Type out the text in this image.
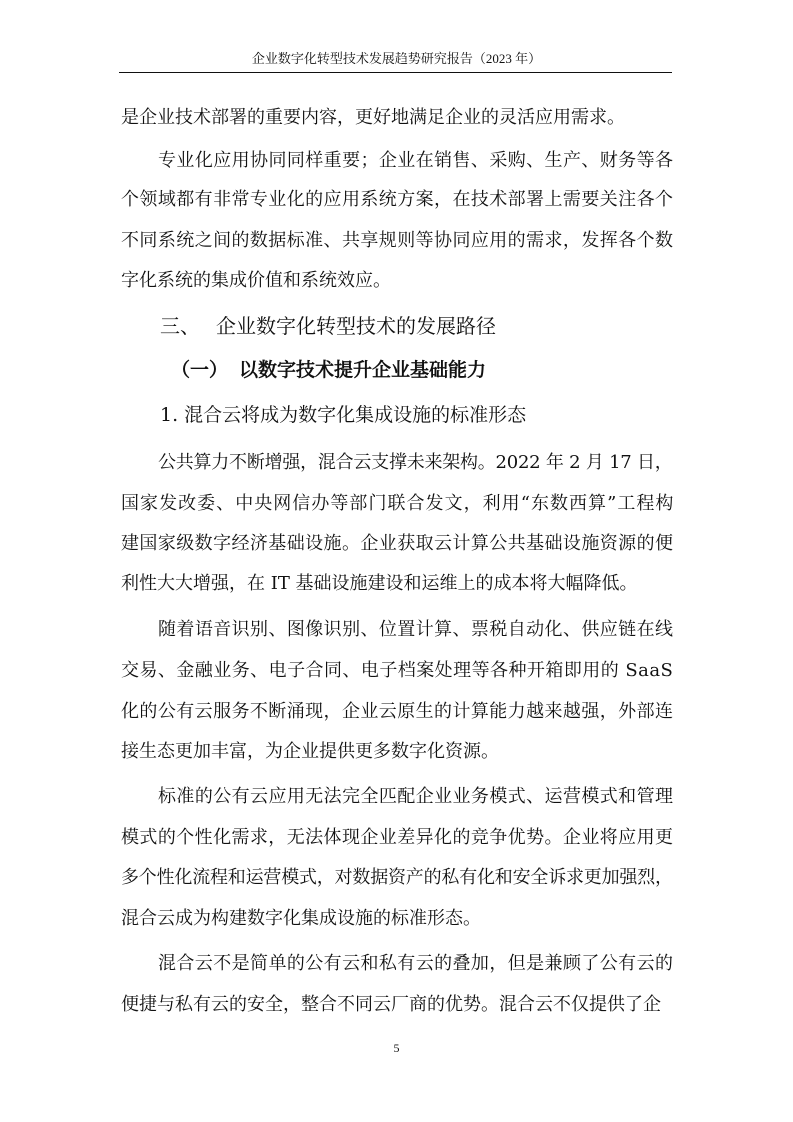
企业数字化转型技术发展趋势研究报告（2023 年）
是企业技术部署的重要内容，更好地满足企业的灵活应用需求。
专业化应用协同同样重要；企业在销售、采购、生产、财务等各
个领域都有非常专业化的应用系统方案，在技术部署上需要关注各个
不同系统之间的数据标准、共享规则等协同应用的需求，发挥各个数
字化系统的集成价值和系统效应。
三、 企业数字化转型技术的发展路径
（一） 以数字技术提升企业基础能力
1. 混合云将成为数字化集成设施的标准形态
公共算力不断增强，混合云支撑未来架构。2022 年 2 月 17 日，
国家发改委、中央网信办等部门联合发文，利用“东数西算”工程构
建国家级数字经济基础设施。企业获取云计算公共基础设施资源的便
利性大大增强，在 IT 基础设施建设和运维上的成本将大幅降低。
随着语音识别、图像识别、位置计算、票税自动化、供应链在线
交易、金融业务、电子合同、电子档案处理等各种开箱即用的 SaaS
化的公有云服务不断涌现，企业云原生的计算能力越来越强，外部连
接生态更加丰富，为企业提供更多数字化资源。
标准的公有云应用无法完全匹配企业业务模式、运营模式和管理
模式的个性化需求，无法体现企业差异化的竞争优势。企业将应用更
多个性化流程和运营模式，对数据资产的私有化和安全诉求更加强烈，
混合云成为构建数字化集成设施的标准形态。
混合云不是简单的公有云和私有云的叠加，但是兼顾了公有云的
便捷与私有云的安全，整合不同云厂商的优势。混合云不仅提供了企
5
